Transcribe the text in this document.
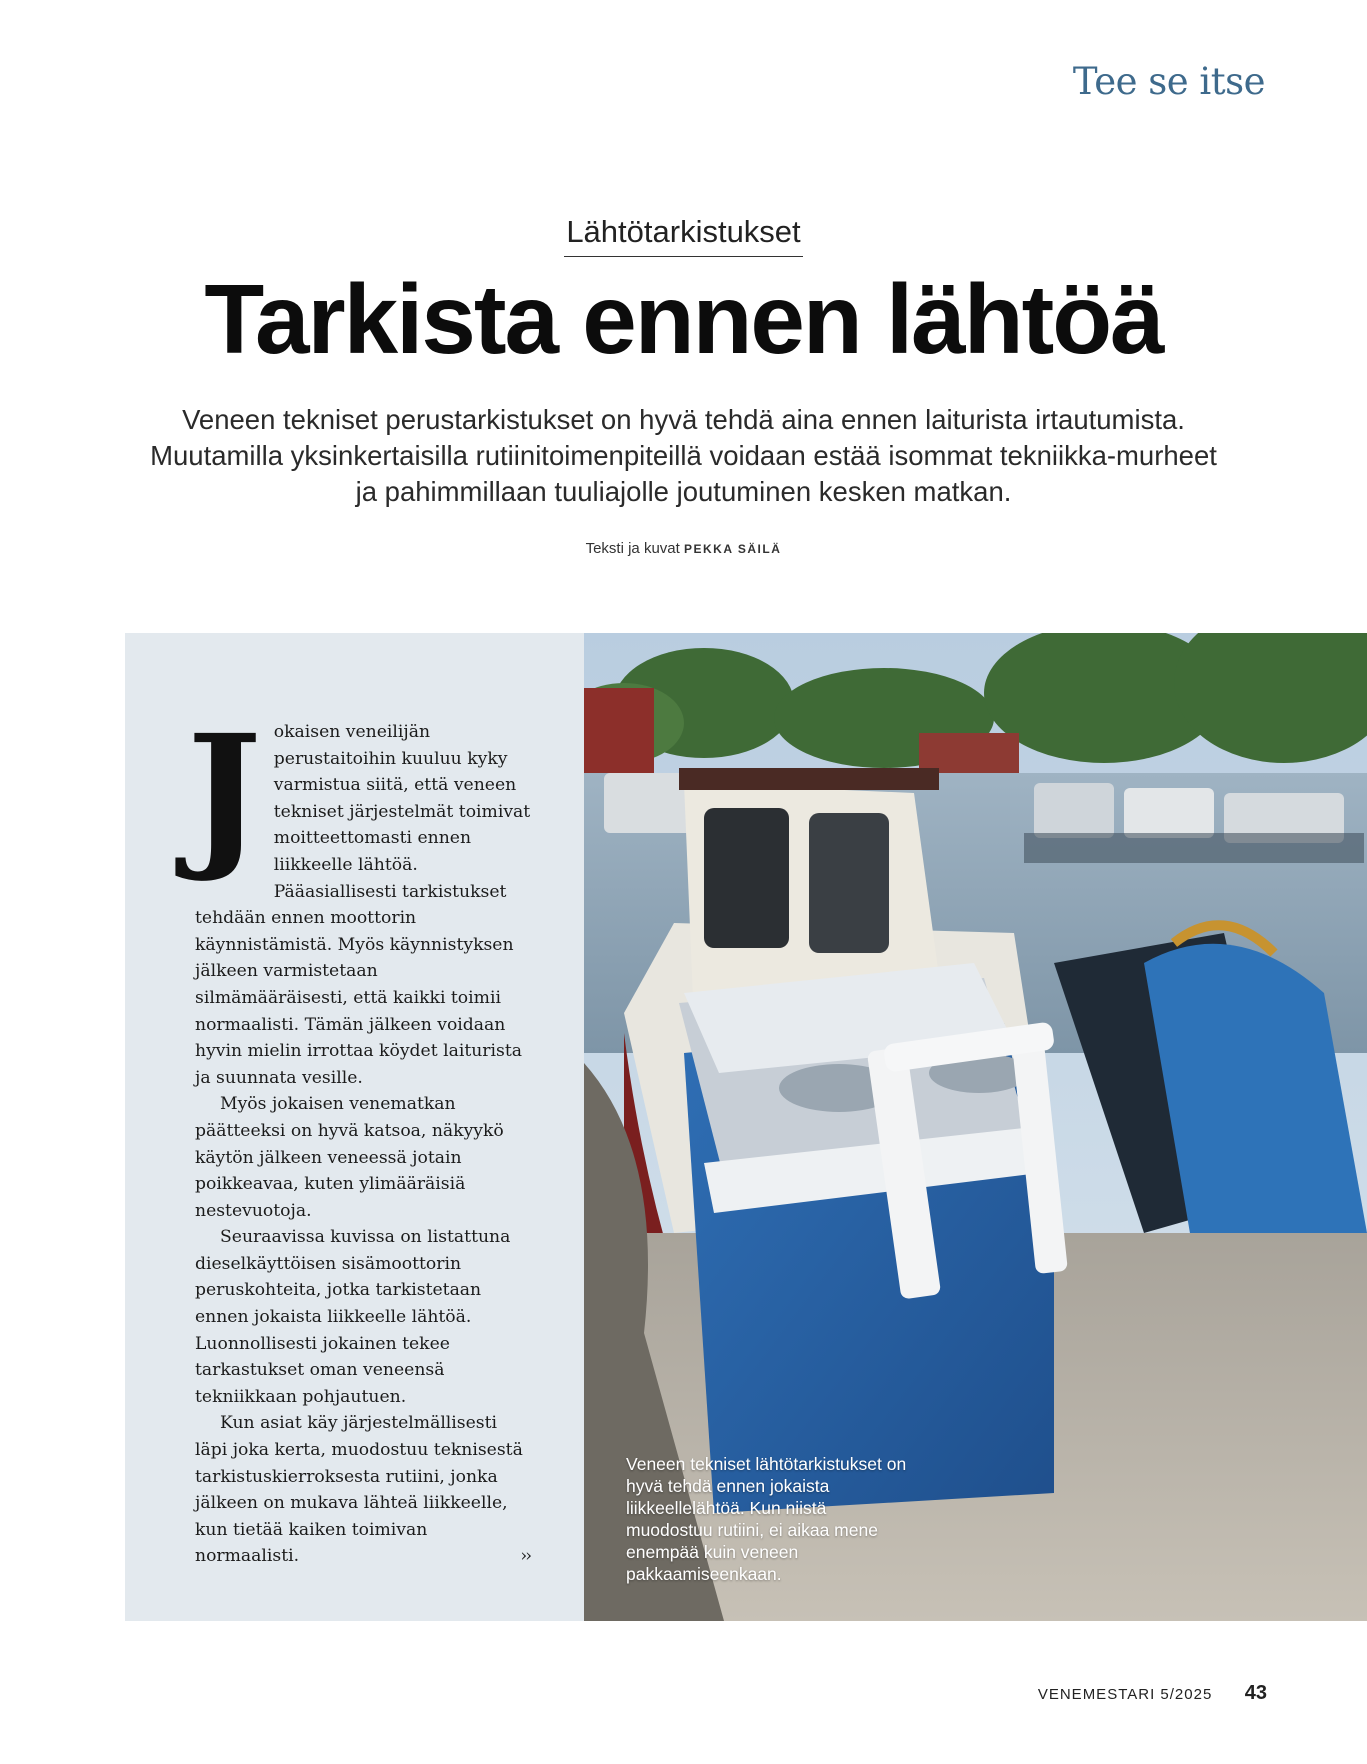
Tee se itse
Lähtötarkistukset
Tarkista ennen lähtöä

Veneen tekniset perustarkistukset on hyvä tehdä aina ennen laiturista irtautumista. Muutamilla yksinkertaisilla rutiinitoimenpiteillä voidaan estää isommat tekniikka-murheet ja pahimmillaan tuuliajolle joutuminen kesken matkan.

Teksti ja kuvat PEKKA SÄILÄ
J okaisen veneilijän perustaitoihin kuuluu kyky varmistua siitä, että veneen tekniset järjestelmät toimivat moitteettomasti ennen liikkeelle lähtöä.

Pääasiallisesti tarkistukset tehdään ennen moottorin käynnistämistä. Myös käynnistyksen jälkeen varmistetaan silmämääräisesti, että kaikki toimii normaalisti. Tämän jälkeen voidaan hyvin mielin irrottaa köydet laiturista ja suunnata vesille.

Myös jokaisen venematkan päätteeksi on hyvä katsoa, näkyykö käytön jälkeen veneessä jotain poikkeavaa, kuten ylimääräisiä nestevuotoja.

Seuraavissa kuvissa on listattuna dieselkäyttöisen sisämoottorin peruskohteita, jotka tarkistetaan ennen jokaista liikkeelle lähtöä. Luonnollisesti jokainen tekee tarkastukset oman veneensä tekniikkaan pohjautuen.

Kun asiat käy järjestelmällisesti läpi joka kerta, muodostuu teknisestä tarkistuskierroksesta rutiini, jonka jälkeen on mukava lähteä liikkeelle, kun tietää kaiken toimivan normaalisti.	››

Veneen tekniset lähtötarkistukset on hyvä tehdä ennen jokaista liikkeellelähtöä. Kun niistä muodostuu rutiini, ei aikaa mene enempää kuin veneen pakkaamiseenkaan.
VENEMESTARI 5/2025 43
